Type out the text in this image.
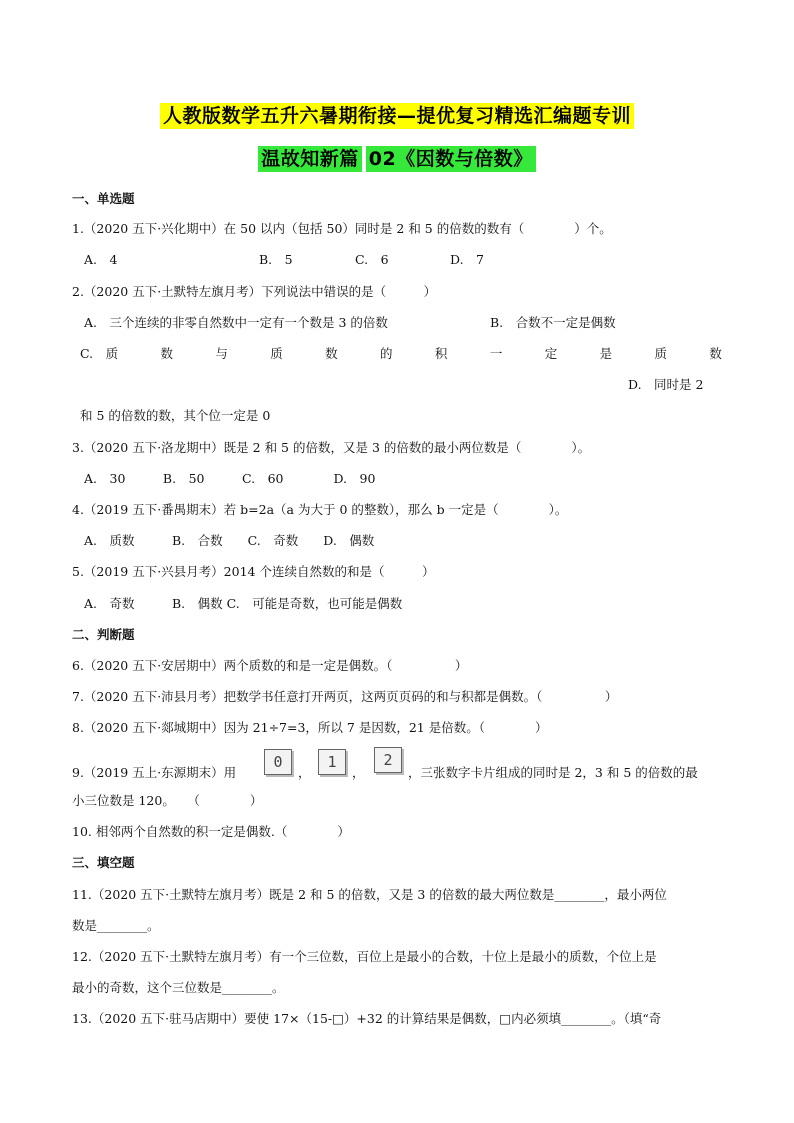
人教版数学五升六暑期衔接—提优复习精选汇编题专训
温故知新篇 02《因数与倍数》
一、单选题
1.（2020 五下·兴化期中）在 50 以内（包括 50）同时是 2 和 5 的倍数的数有（　　　　）个。
A.　4	B.　5	C.　6	D.　7
2.（2020 五下·土默特左旗月考）下列说法中错误的是（　　　）
A.　三个连续的非零自然数中一定有一个数是 3 的倍数	B.　合数不一定是偶数
C.　质	数	与	质	数	的	积	一	定	是	质	数
D.　同时是 2
和 5 的倍数的数，其个位一定是 0
3.（2020 五下·洛龙期中）既是 2 和 5 的倍数，又是 3 的倍数的最小两位数是（　　　　）。
A.　30　　　B.　50　　　C.　60　　　　D.　90
4.（2019 五下·番禺期末）若 b=2a（a 为大于 0 的整数），那么 b 一定是（　　　　）。
A.　质数　　　B.　合数　　C.　奇数　　D.　偶数
5.（2019 五下·兴县月考）2014 个连续自然数的和是（　　　）
A.　奇数　　　B.　偶数 C.　可能是奇数，也可能是偶数
二、判断题
6.（2020 五下·安居期中）两个质数的和是一定是偶数。（　　　　　）
7.（2020 五下·沛县月考）把数学书任意打开两页，这两页页码的和与积都是偶数。（　　　　　）
8.（2020 五下·郯城期中）因为 21÷7=3，所以 7 是因数，21 是倍数。（　　　　）
9.（2019 五上·东源期末）用
0
，
1
，
2
，三张数字卡片组成的同时是 2，3 和 5 的倍数的最
小三位数是 120。　　（　　　　）
10. 相邻两个自然数的积一定是偶数.（　　　　）
三、填空题
11.（2020 五下·土默特左旗月考）既是 2 和 5 的倍数，又是 3 的倍数的最大两位数是________，最小两位
数是________。
12.（2020 五下·土默特左旗月考）有一个三位数，百位上是最小的合数，十位上是最小的质数，个位上是
最小的奇数，这个三位数是________。
13.（2020 五下·驻马店期中）要使 17×（15-□）+32 的计算结果是偶数，□内必须填________。（填“奇
